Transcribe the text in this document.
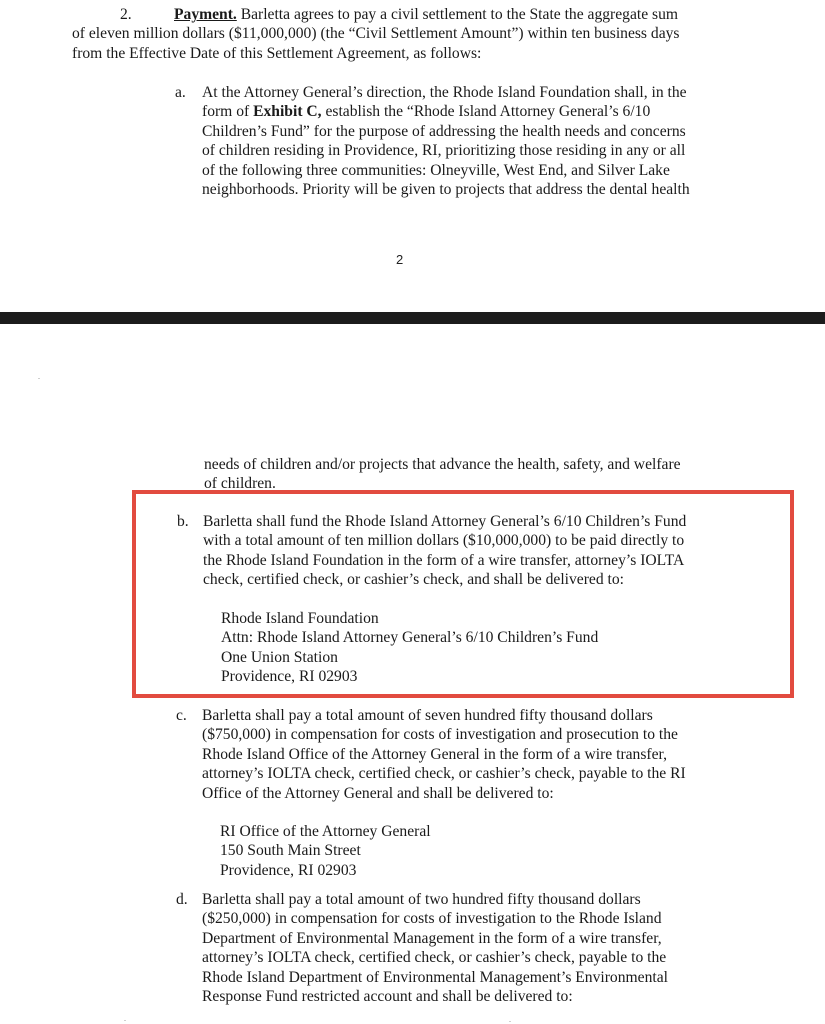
2.	Payment. Barletta agrees to pay a civil settlement to the State the aggregate sum
of eleven million dollars ($11,000,000) (the “Civil Settlement Amount”) within ten business days
from the Effective Date of this Settlement Agreement, as follows:
a. At the Attorney General’s direction, the Rhode Island Foundation shall, in the
form of Exhibit C, establish the “Rhode Island Attorney General’s 6/10
Children’s Fund” for the purpose of addressing the health needs and concerns
of children residing in Providence, RI, prioritizing those residing in any or all
of the following three communities: Olneyville, West End, and Silver Lake
neighborhoods. Priority will be given to projects that address the dental health
2
needs of children and/or projects that advance the health, safety, and welfare
of children.
b. Barletta shall fund the Rhode Island Attorney General’s 6/10 Children’s Fund
with a total amount of ten million dollars ($10,000,000) to be paid directly to
the Rhode Island Foundation in the form of a wire transfer, attorney’s IOLTA
check, certified check, or cashier’s check, and shall be delivered to:
Rhode Island Foundation
Attn: Rhode Island Attorney General’s 6/10 Children’s Fund
One Union Station
Providence, RI 02903
c. Barletta shall pay a total amount of seven hundred fifty thousand dollars
($750,000) in compensation for costs of investigation and prosecution to the
Rhode Island Office of the Attorney General in the form of a wire transfer,
attorney’s IOLTA check, certified check, or cashier’s check, payable to the RI
Office of the Attorney General and shall be delivered to:
RI Office of the Attorney General
150 South Main Street
Providence, RI 02903
d. Barletta shall pay a total amount of two hundred fifty thousand dollars
($250,000) in compensation for costs of investigation to the Rhode Island
Department of Environmental Management in the form of a wire transfer,
attorney’s IOLTA check, certified check, or cashier’s check, payable to the
Rhode Island Department of Environmental Management’s Environmental
Response Fund restricted account and shall be delivered to:
